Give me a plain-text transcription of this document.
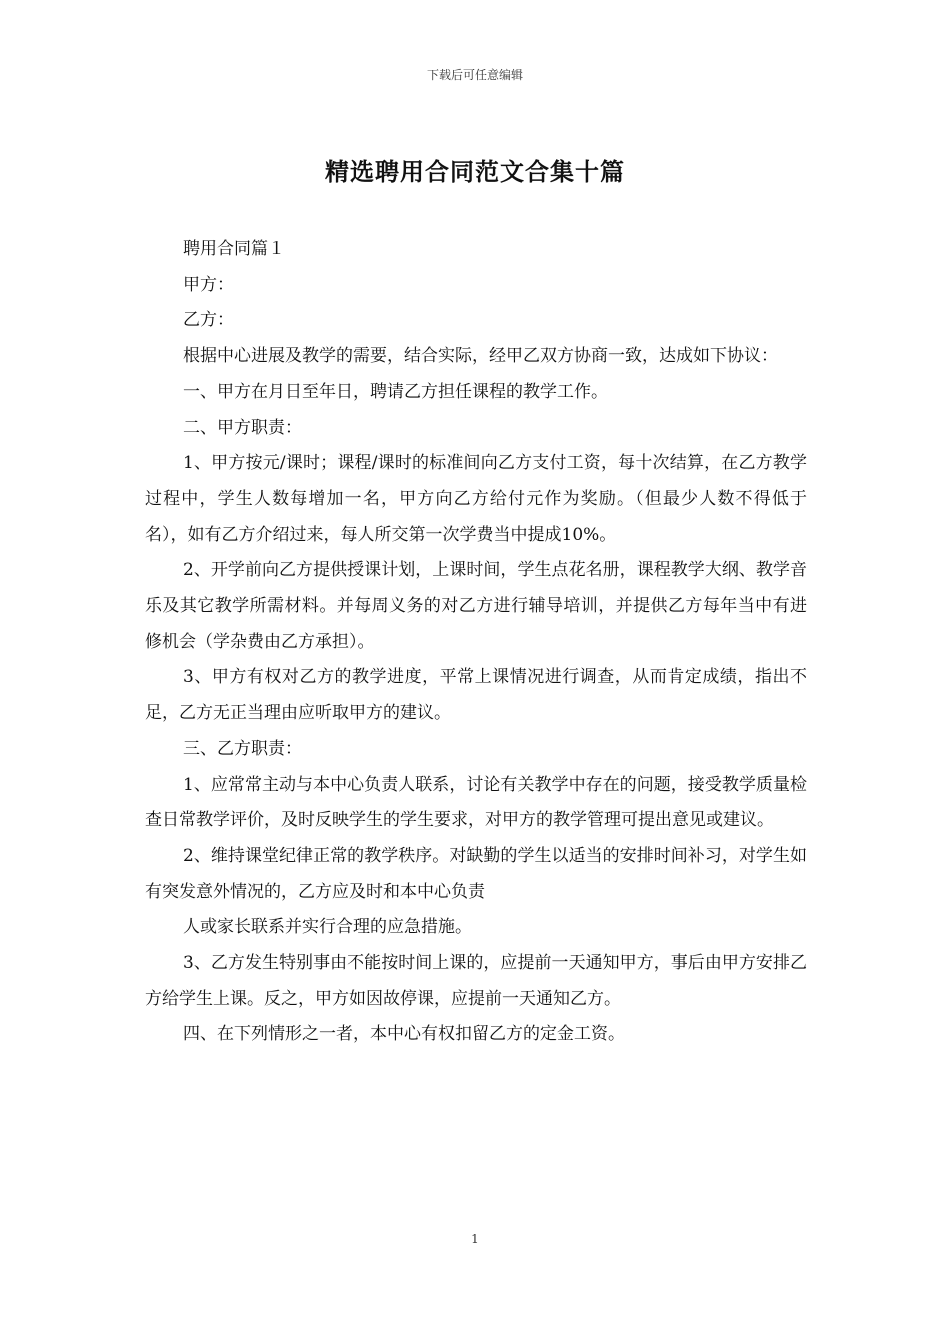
下载后可任意编辑
精选聘用合同范文合集十篇

聘用合同篇１

甲方：

乙方：

根据中心进展及教学的需要，结合实际，经甲乙双方协商一致，达成如下协议：

一、甲方在月日至年日，聘请乙方担任课程的教学工作。

二、甲方职责：

1、甲方按元/课时；课程/课时的标准间向乙方支付工资，每十次结算，在乙方教学过程中，学生人数每增加一名，甲方向乙方给付元作为奖励。（但最少人数不得低于名），如有乙方介绍过来，每人所交第一次学费当中提成10%。

2、开学前向乙方提供授课计划，上课时间，学生点花名册，课程教学大纲、教学音乐及其它教学所需材料。并每周义务的对乙方进行辅导培训，并提供乙方每年当中有进修机会（学杂费由乙方承担）。

3、甲方有权对乙方的教学进度，平常上课情况进行调查，从而肯定成绩，指出不足，乙方无正当理由应听取甲方的建议。

三、乙方职责：

1、应常常主动与本中心负责人联系，讨论有关教学中存在的问题，接受教学质量检查日常教学评价，及时反映学生的学生要求，对甲方的教学管理可提出意见或建议。

2、维持课堂纪律正常的教学秩序。对缺勤的学生以适当的安排时间补习，对学生如有突发意外情况的，乙方应及时和本中心负责

人或家长联系并实行合理的应急措施。

3、乙方发生特别事由不能按时间上课的，应提前一天通知甲方，事后由甲方安排乙方给学生上课。反之，甲方如因故停课，应提前一天通知乙方。

四、在下列情形之一者，本中心有权扣留乙方的定金工资。

1
